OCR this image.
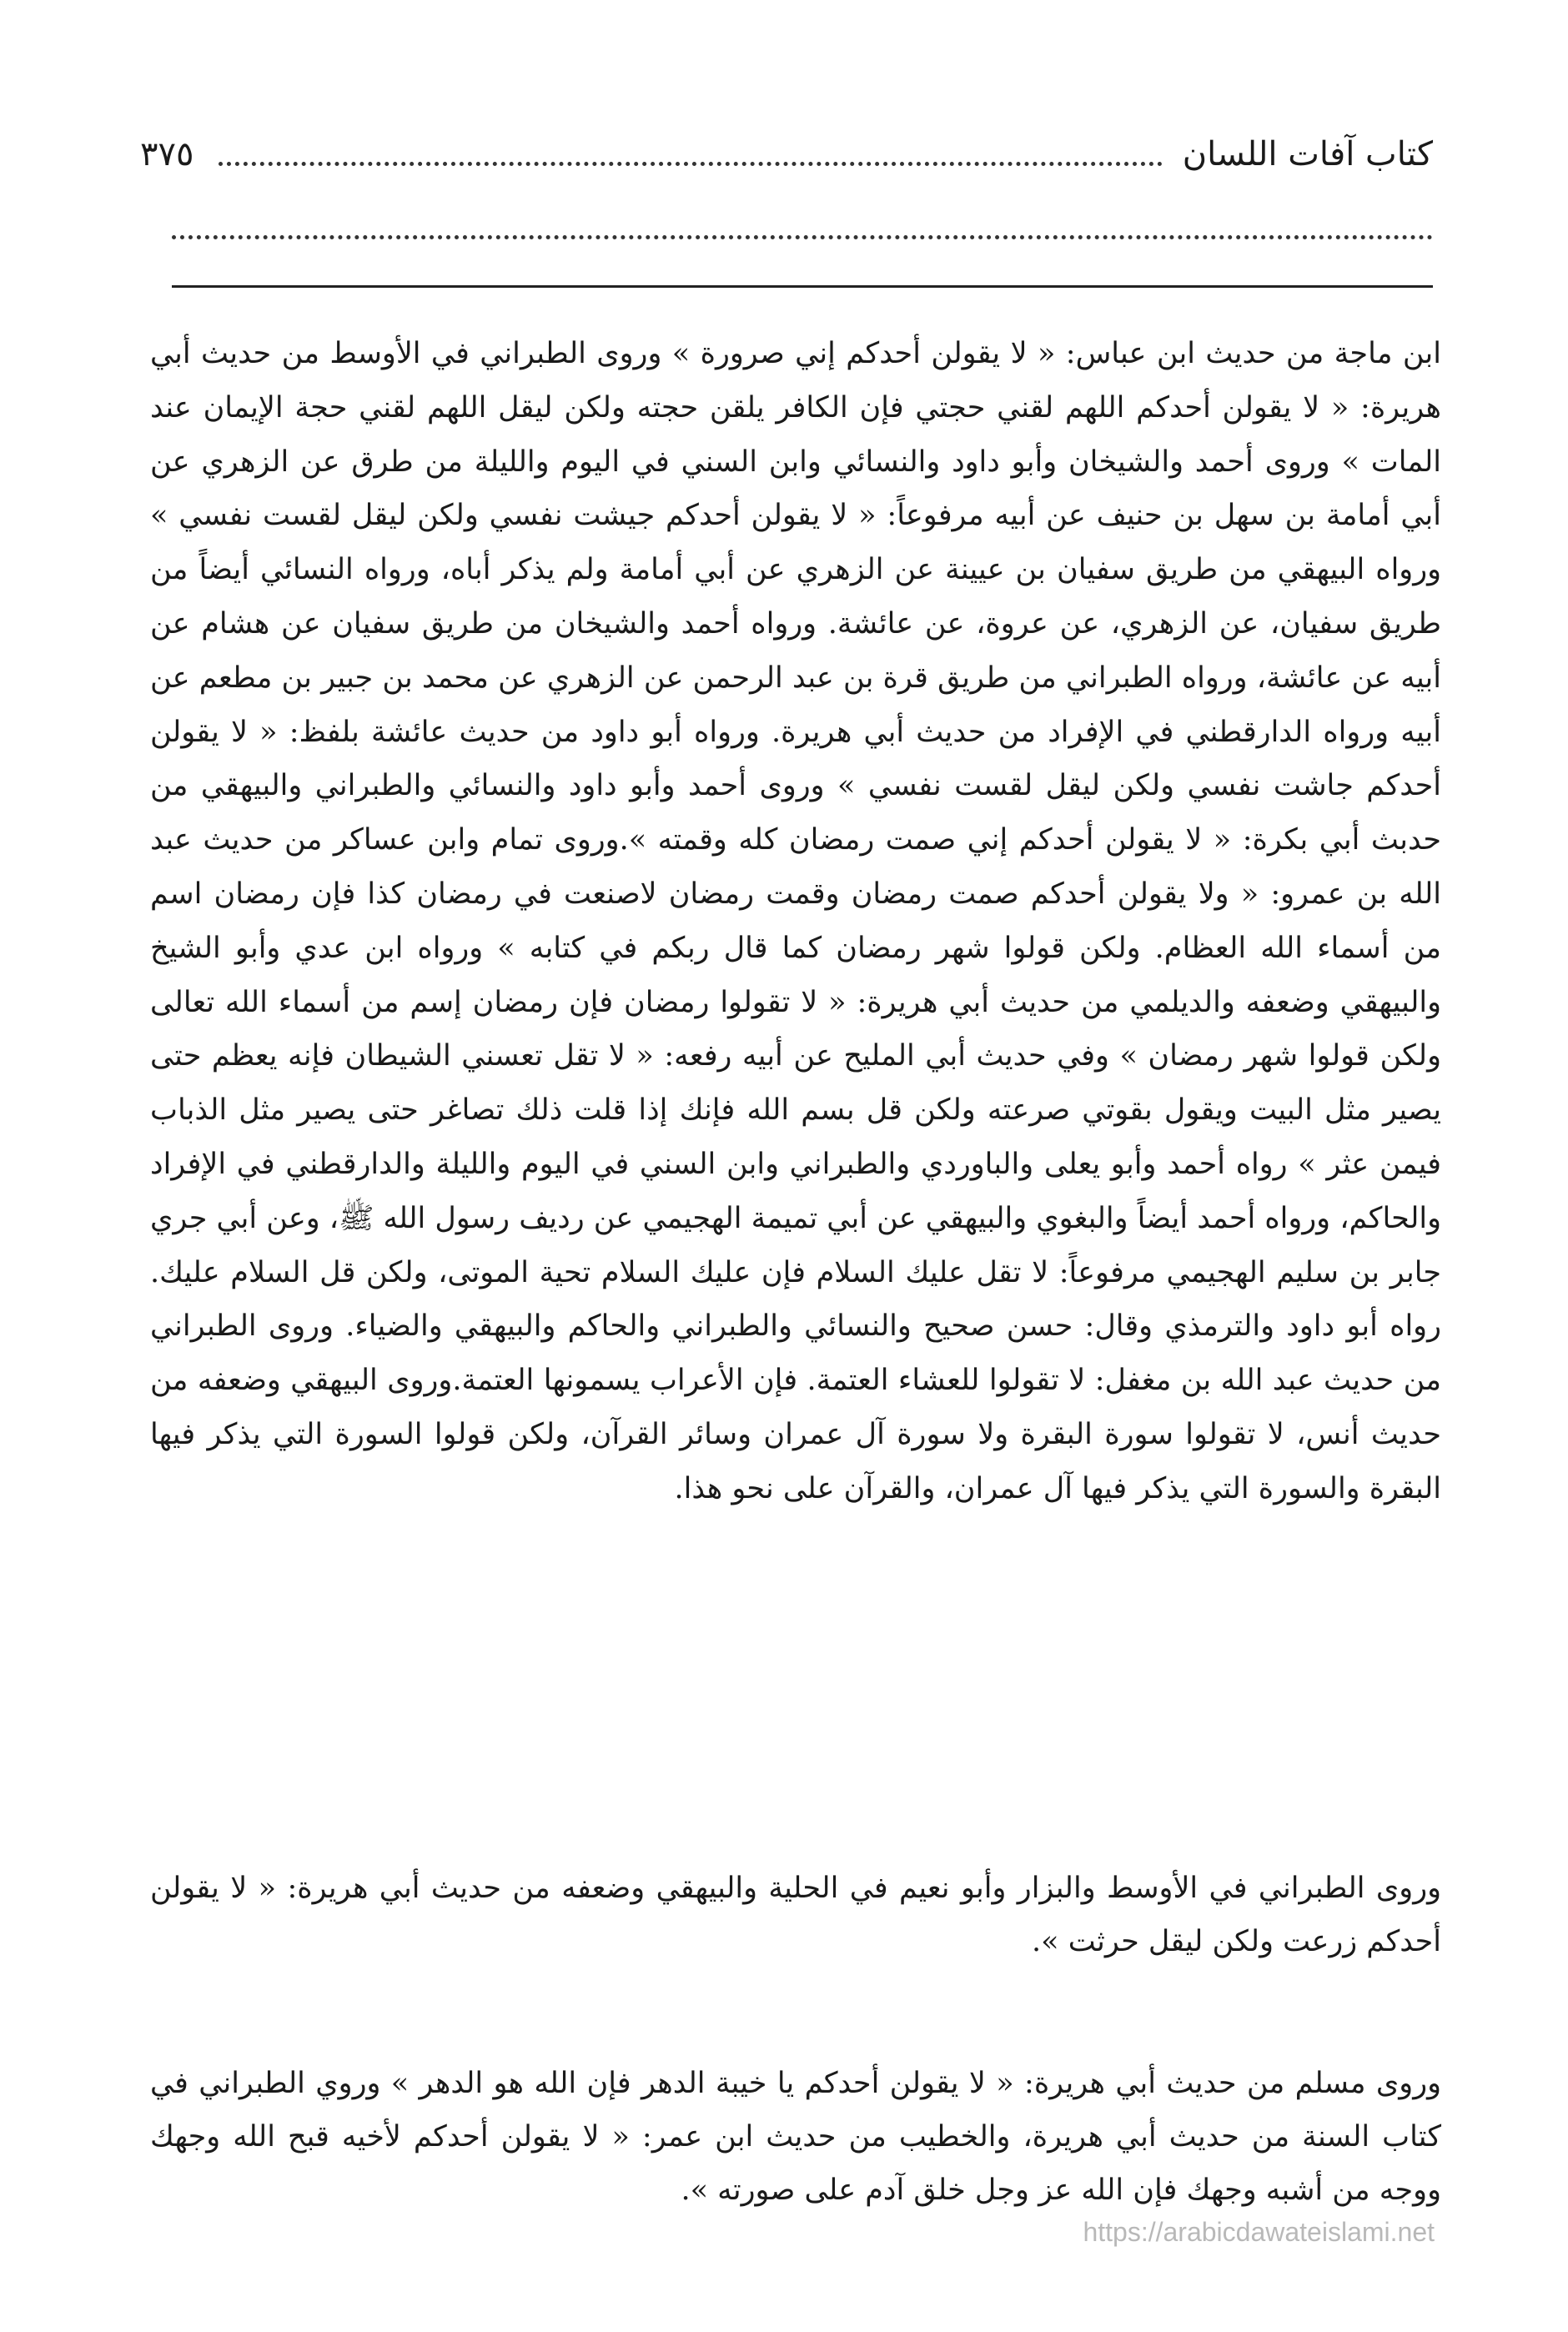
كتاب آفات اللسان
٣٧٥
ابن ماجة من حديث ابن عباس: « لا يقولن أحدكم إني صرورة » وروى الطبراني في الأوسط من حديث أبي هريرة: « لا يقولن أحدكم اللهم لقني حجتي فإن الكافر يلقن حجته ولكن ليقل اللهم لقني حجة الإيمان عند المات » وروى أحمد والشيخان وأبو داود والنسائي وابن السني في اليوم والليلة من طرق عن الزهري عن أبي أمامة بن سهل بن حنيف عن أبيه مرفوعاً: « لا يقولن أحدكم جيشت نفسي ولكن ليقل لقست نفسي » ورواه البيهقي من طريق سفيان بن عيينة عن الزهري عن أبي أمامة ولم يذكر أباه، ورواه النسائي أيضاً من طريق سفيان، عن الزهري، عن عروة، عن عائشة. ورواه أحمد والشيخان من طريق سفيان عن هشام عن أبيه عن عائشة، ورواه الطبراني من طريق قرة بن عبد الرحمن عن الزهري عن محمد بن جبير بن مطعم عن أبيه ورواه الدارقطني في الإفراد من حديث أبي هريرة. ورواه أبو داود من حديث عائشة بلفظ: « لا يقولن أحدكم جاشت نفسي ولكن ليقل لقست نفسي » وروى أحمد وأبو داود والنسائي والطبراني والبيهقي من حدبث أبي بكرة: « لا يقولن أحدكم إني صمت رمضان كله وقمته ».وروى تمام وابن عساكر من حديث عبد الله بن عمرو: « ولا يقولن أحدكم صمت رمضان وقمت رمضان لاصنعت في رمضان كذا فإن رمضان اسم من أسماء الله العظام. ولكن قولوا شهر رمضان كما قال ربكم في كتابه » ورواه ابن عدي وأبو الشيخ والبيهقي وضعفه والديلمي من حديث أبي هريرة: « لا تقولوا رمضان فإن رمضان إسم من أسماء الله تعالى ولكن قولوا شهر رمضان » وفي حديث أبي المليح عن أبيه رفعه: « لا تقل تعسني الشيطان فإنه يعظم حتى يصير مثل البيت ويقول بقوتي صرعته ولكن قل بسم الله فإنك إذا قلت ذلك تصاغر حتى يصير مثل الذباب فيمن عثر » رواه أحمد وأبو يعلى والباوردي والطبراني وابن السني في اليوم والليلة والدارقطني في الإفراد والحاكم، ورواه أحمد أيضاً والبغوي والبيهقي عن أبي تميمة الهجيمي عن رديف رسول الله ﷺ، وعن أبي جري جابر بن سليم الهجيمي مرفوعاً: لا تقل عليك السلام فإن عليك السلام تحية الموتى، ولكن قل السلام عليك. رواه أبو داود والترمذي وقال: حسن صحيح والنسائي والطبراني والحاكم والبيهقي والضياء. وروى الطبراني من حديث عبد الله بن مغفل: لا تقولوا للعشاء العتمة. فإن الأعراب يسمونها العتمة.وروى البيهقي وضعفه من حديث أنس، لا تقولوا سورة البقرة ولا سورة آل عمران وسائر القرآن، ولكن قولوا السورة التي يذكر فيها البقرة والسورة التي يذكر فيها آل عمران، والقرآن على نحو هذا.
وروى الطبراني في الأوسط والبزار وأبو نعيم في الحلية والبيهقي وضعفه من حديث أبي هريرة: « لا يقولن أحدكم زرعت ولكن ليقل حرثت ».
وروى مسلم من حديث أبي هريرة: « لا يقولن أحدكم يا خيبة الدهر فإن الله هو الدهر » وروي الطبراني في كتاب السنة من حديث أبي هريرة، والخطيب من حديث ابن عمر: « لا يقولن أحدكم لأخيه قبح الله وجهك ووجه من أشبه وجهك فإن الله عز وجل خلق آدم على صورته ».
https://arabicdawateislami.net
